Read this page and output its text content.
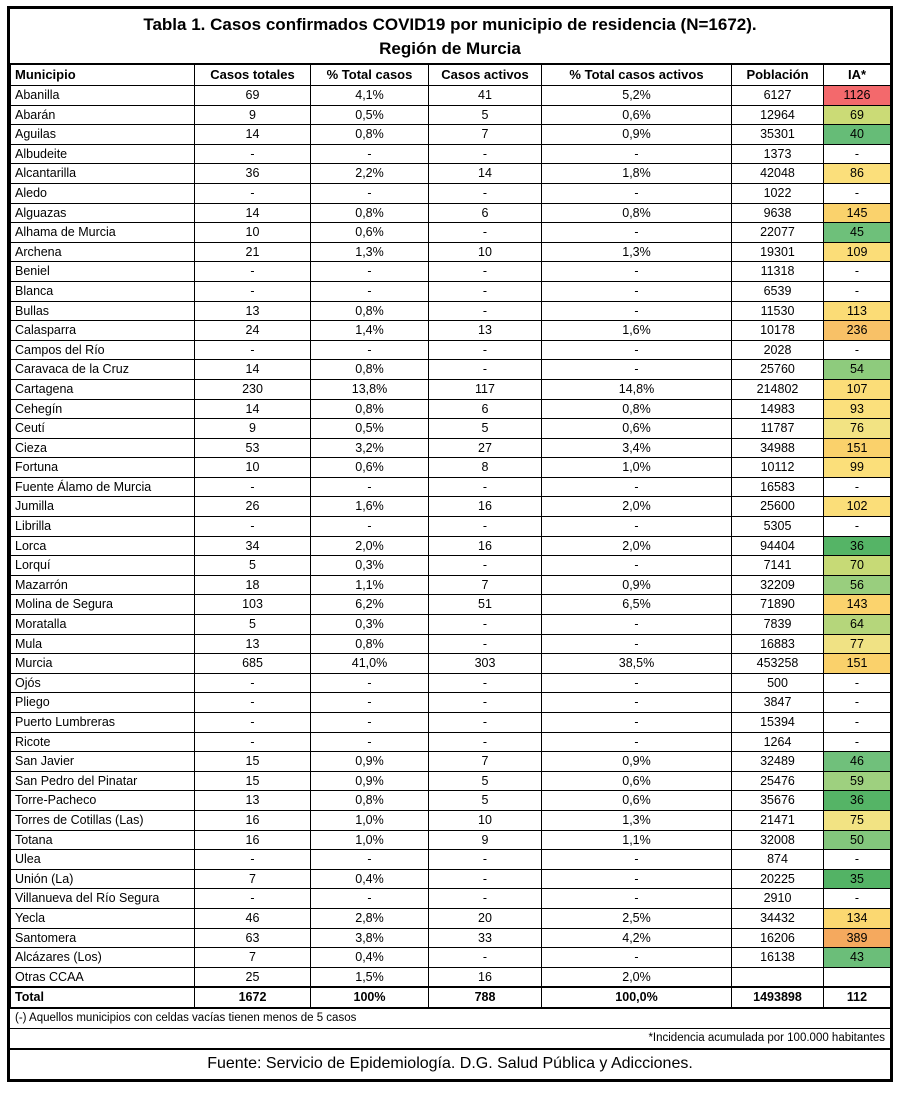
Tabla 1. Casos confirmados COVID19 por municipio de residencia (N=1672).
Región de Murcia
Municipio	Casos totales	% Total casos	Casos activos	% Total casos activos	Población	IA*
Abanilla	69	4,1%	41	5,2%	6127	1126
Abarán	9	0,5%	5	0,6%	12964	69
Aguilas	14	0,8%	7	0,9%	35301	40
Albudeite	-	-	-	-	1373	-
Alcantarilla	36	2,2%	14	1,8%	42048	86
Aledo	-	-	-	-	1022	-
Alguazas	14	0,8%	6	0,8%	9638	145
Alhama de Murcia	10	0,6%	-	-	22077	45
Archena	21	1,3%	10	1,3%	19301	109
Beniel	-	-	-	-	11318	-
Blanca	-	-	-	-	6539	-
Bullas	13	0,8%	-	-	11530	113
Calasparra	24	1,4%	13	1,6%	10178	236
Campos del Río	-	-	-	-	2028	-
Caravaca de la Cruz	14	0,8%	-	-	25760	54
Cartagena	230	13,8%	117	14,8%	214802	107
Cehegín	14	0,8%	6	0,8%	14983	93
Ceutí	9	0,5%	5	0,6%	11787	76
Cieza	53	3,2%	27	3,4%	34988	151
Fortuna	10	0,6%	8	1,0%	10112	99
Fuente Álamo de Murcia	-	-	-	-	16583	-
Jumilla	26	1,6%	16	2,0%	25600	102
Librilla	-	-	-	-	5305	-
Lorca	34	2,0%	16	2,0%	94404	36
Lorquí	5	0,3%	-	-	7141	70
Mazarrón	18	1,1%	7	0,9%	32209	56
Molina de Segura	103	6,2%	51	6,5%	71890	143
Moratalla	5	0,3%	-	-	7839	64
Mula	13	0,8%	-	-	16883	77
Murcia	685	41,0%	303	38,5%	453258	151
Ojós	-	-	-	-	500	-
Pliego	-	-	-	-	3847	-
Puerto Lumbreras	-	-	-	-	15394	-
Ricote	-	-	-	-	1264	-
San Javier	15	0,9%	7	0,9%	32489	46
San Pedro del Pinatar	15	0,9%	5	0,6%	25476	59
Torre-Pacheco	13	0,8%	5	0,6%	35676	36
Torres de Cotillas (Las)	16	1,0%	10	1,3%	21471	75
Totana	16	1,0%	9	1,1%	32008	50
Ulea	-	-	-	-	874	-
Unión (La)	7	0,4%	-	-	20225	35
Villanueva del Río Segura	-	-	-	-	2910	-
Yecla	46	2,8%	20	2,5%	34432	134
Santomera	63	3,8%	33	4,2%	16206	389
Alcázares (Los)	7	0,4%	-	-	16138	43
Otras CCAA	25	1,5%	16	2,0%		
Total	1672	100%	788	100,0%	1493898	112
(-) Aquellos municipios con celdas vacías tienen menos de 5 casos
*Incidencia acumulada por 100.000 habitantes
Fuente: Servicio de Epidemiología. D.G. Salud Pública y Adicciones.
